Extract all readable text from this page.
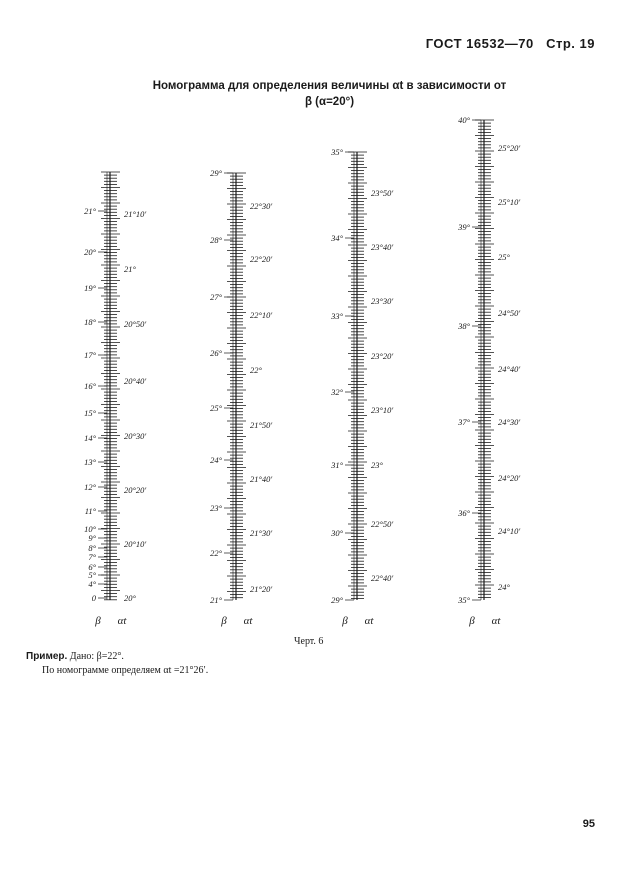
ГОСТ 16532—70 Стр. 19
Номограмма для определения величины αt в зависимости от
β (α=20°)
0
4°
5°
6°
7°
8°
9°
10°
11°
12°
13°
14°
15°
16°
17°
18°
19°
20°
21°
20°
20°10′
20°20′
20°30′
20°40′
20°50′
21°
21°10′
β αt
21°
22°
23°
24°
25°
26°
27°
28°
29°
21°20′
21°30′
21°40′
21°50′
22°
22°10′
22°20′
22°30′
β αt
29°
30°
31°
32°
33°
34°
35°
22°40′
22°50′
23°
23°10′
23°20′
23°30′
23°40′
23°50′
β αt
35°
36°
37°
38°
39°
40°
24°
24°10′
24°20′
24°30′
24°40′
24°50′
25°
25°10′
25°20′
β αt
Черт. 6
Пример. Дано: β=22°.
По номограмме определяем αt =21°26′.
95
